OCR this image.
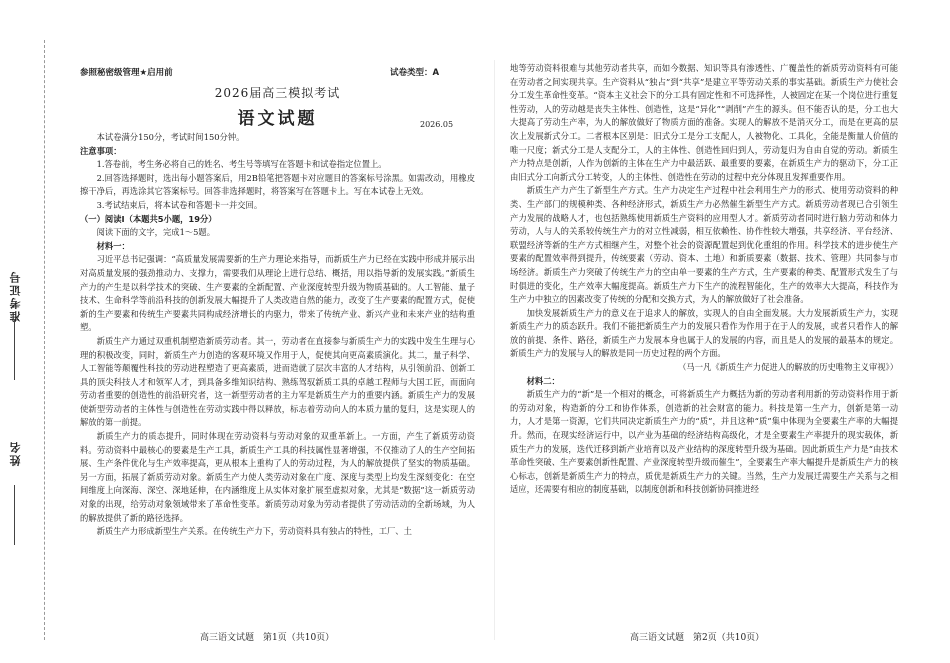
准考证号
姓名
参照秘密级管理★启用前	试卷类型：A
2026届高三模拟考试
语文试题	2026.05

本试卷满分150分，考试时间150分钟。

注意事项：

1.答卷前，考生务必将自己的姓名、考生号等填写在答题卡和试卷指定位置上。

2.回答选择题时，选出每小题答案后，用2B铅笔把答题卡对应题目的答案标号涂黑。如需改动，用橡皮擦干净后，再选涂其它答案标号。回答非选择题时，将答案写在答题卡上。写在本试卷上无效。

3.考试结束后，将本试卷和答题卡一并交回。

（一）阅读Ⅰ（本题共5小题，19分）

阅读下面的文字，完成1～5题。

材料一：

习近平总书记强调：“高质量发展需要新的生产力理论来指导，而新质生产力已经在实践中形成并展示出对高质量发展的强劲推动力、支撑力，需要我们从理论上进行总结、概括，用以指导新的发展实践。”新质生产力的产生是以科学技术的突破、生产要素的全新配置、产业深度转型升级为物质基础的。人工智能、量子技术、生命科学等前沿科技的创新发展大幅提升了人类改造自然的能力，改变了生产要素的配置方式，促使新的生产要素和传统生产要素共同构成经济增长的内驱力，带来了传统产业、新兴产业和未来产业的结构重塑。

新质生产力通过双重机制塑造新质劳动者。其一，劳动者在直接参与新质生产力的实践中发生生理与心理的积极改变，同时，新质生产力创造的客观环境又作用于人，促使其向更高素质演化。其二，量子科学、人工智能等颠覆性科技的劳动进程塑造了更高素质，进而造就了层次丰富的人才结构，从引领前沿、创新工具的顶尖科技人才和领军人才，到具备多维知识结构、熟练驾驭新质工具的卓越工程师与大国工匠，而面向劳动者重要的创造性的前沿研究者，这一新型劳动者的主力军是新质生产力的重要内涵。新质生产力的发展使新型劳动者的主体性与创造性在劳动实践中得以释放，标志着劳动向人的本质力量的复归，这是实现人的解放的第一前提。

新质生产力的质态提升，同时体现在劳动资料与劳动对象的双重革新上。一方面，产生了新质劳动资料。劳动资料中最核心的要素是生产工具，新质生产工具的科技属性显著增强，不仅推动了人的生产空间拓展、生产条件优化与生产效率提高，更从根本上重构了人的劳动过程，为人的解放提供了坚实的物质基础。另一方面，拓展了新质劳动对象。新质生产力使人类劳动对象在广度、深度与类型上均发生深刻变化：在空间维度上向深海、深空、深地延伸，在内涵维度上从实体对象扩展至虚拟对象，尤其是“数据”这一新质劳动对象的出现，给劳动对象领域带来了革命性变革。新质劳动对象为劳动者提供了劳动活动的全新场域，为人的解放提供了新的路径选择。

新质生产力形成新型生产关系。在传统生产力下，劳动资料具有独占的特性，工厂、土

地等劳动资料很难与其他劳动者共享，而如今数据、知识等具有渗透性、广覆盖性的新质劳动资料有可能在劳动者之间实现共享。生产资料从“独占”到“共享”是建立平等劳动关系的事实基础。新质生产力使社会分工发生革命性变革。“资本主义社会下的分工具有固定性和不可选择性，人被固定在某一个岗位进行重复性劳动，人的劳动越是丧失主体性、创造性，这是“异化”“剥削”产生的源头。但不能否认的是，分工也大大提高了劳动生产率，为人的解放做好了物质方面的准备。实现人的解放不是消灭分工，而是在更高的层次上发展新式分工。二者根本区别是：旧式分工是分工支配人，人被物化、工具化，全能是衡量人价值的唯一尺度；新式分工是人支配分工，人的主体性、创造性回归到人，劳动复归为自由自觉的劳动。新质生产力特点是创新，人作为创新的主体在生产力中最活跃、最重要的要素，在新质生产力的驱动下，分工正由旧式分工向新式分工转变，人的主体性、创造性在劳动的过程中充分体现且发挥重要作用。

新质生产力产生了新型生产方式。生产力决定生产过程中社会利用生产力的形式、使用劳动资料的种类、生产部门的规模种类、各种经济形式，新质生产力必然催生新型生产方式。新质劳动者现已合引领生产力发展的战略人才，也包括熟练使用新质生产资料的应用型人才。新质劳动者同时进行脑力劳动和体力劳动，人与人的关系较传统生产力的对立性减弱，相互依赖性、协作性较大增强，共享经济、平台经济、联盟经济等新的生产方式相继产生，对整个社会的资源配置起到优化重组的作用。科学技术的进步使生产要素的配置效率得到提升，传统要素（劳动、资本、土地）和新质要素（数据、技术、管理）共同参与市场经济。新质生产力突破了传统生产力的空由单一要素的生产方式，生产要素的种类、配置形式发生了与时俱进的变化，生产效率大幅度提高。新质生产力下生产的流程智能化，生产的效率大大提高，科技作为生产力中独立的因素改变了传统的分配和交换方式，为人的解放做好了社会准备。

加快发展新质生产力的意义在于追求人的解放，实现人的自由全面发展。大力发展新质生产力，实现新质生产力的质态跃升。我们不能把新质生产力的发展只看作为作用于在于人的发展，或者只看作人的解放的前提、条件、路径，新质生产力发展本身也属于人的发展的内容，而且是人的发展的最基本的规定。新质生产力的发展与人的解放是同一历史过程的两个方面。

（马一凡《新质生产力促进人的解放的历史唯物主义审视》）

材料二：

新质生产力的“新”是一个相对的概念，可将新质生产力概括为新的劳动者利用新的劳动资料作用于新的劳动对象，构造新的分工和协作体系，创造新的社会财富的能力。科技是第一生产力，创新是第一动力，人才是第一资源，它们共同决定新质生产力的“质”，并且这种“质”集中体现为全要素生产率的大幅提升。然而，在现实经济运行中，以产业为基础的经济结构高级化，才是全要素生产率提升的现实载体，新质生产力的发展，迭代迁移到新产业培育以及产业结构的深度转型升级为基础。因此新质生产力是“由技术革命性突破、生产要素创新性配置、产业深度转型升级而催生”，全要素生产率大幅提升是新质生产力的核心标志，创新是新质生产力的特点，质优是新质生产力的关键。当然，生产力发展迁需要生产关系与之相适应，还需要有相应的制度基础，以制度创新和科技创新协同推进经

高三语文试题　第1页（共10页）	高三语文试题　第2页（共10页）
